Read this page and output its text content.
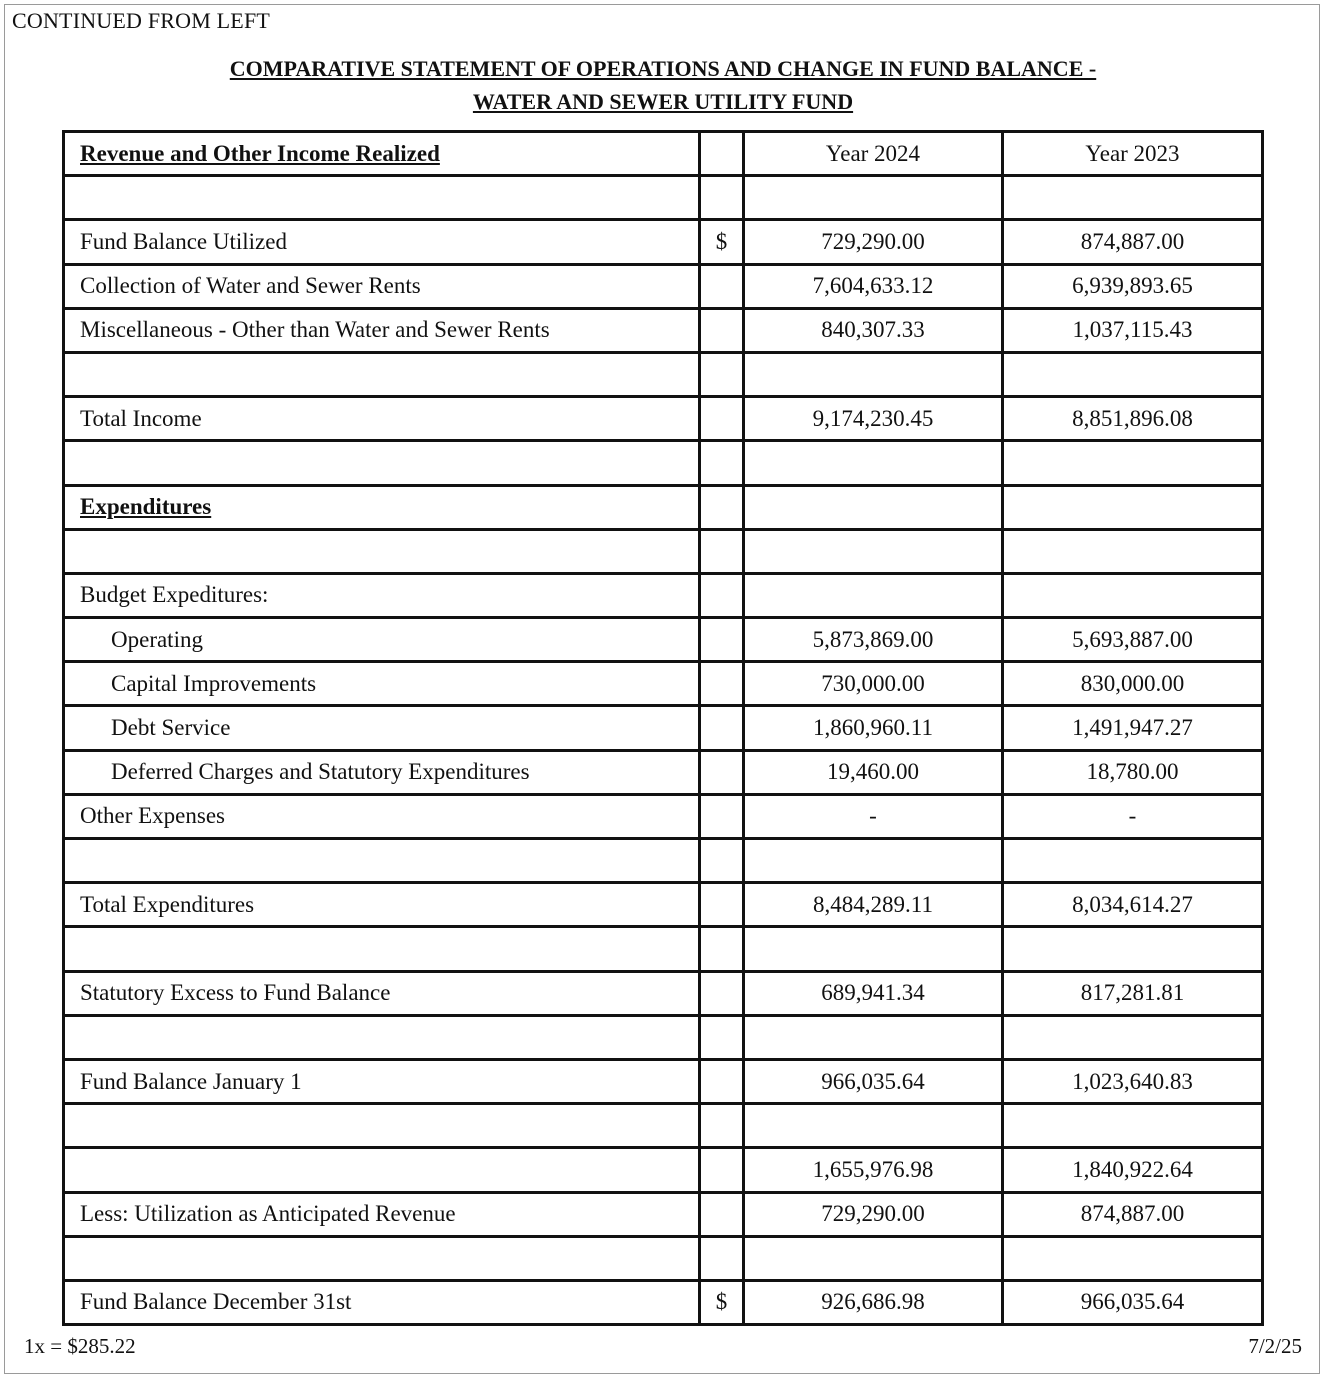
CONTINUED FROM LEFT
COMPARATIVE STATEMENT OF OPERATIONS AND CHANGE IN FUND BALANCE -
WATER AND SEWER UTILITY FUND
Revenue and Other Income Realized		Year 2024	Year 2023

Fund Balance Utilized	$	729,290.00	874,887.00
Collection of Water and Sewer Rents		7,604,633.12	6,939,893.65
Miscellaneous - Other than Water and Sewer Rents		840,307.33	1,037,115.43

Total Income		9,174,230.45	8,851,896.08

Expenditures			

Budget Expeditures:			
Operating		5,873,869.00	5,693,887.00
Capital Improvements		730,000.00	830,000.00
Debt Service		1,860,960.11	1,491,947.27
Deferred Charges and Statutory Expenditures		19,460.00	18,780.00
Other Expenses		-	-

Total Expenditures		8,484,289.11	8,034,614.27

Statutory Excess to Fund Balance		689,941.34	817,281.81

Fund Balance January 1		966,035.64	1,023,640.83

		1,655,976.98	1,840,922.64
Less: Utilization as Anticipated Revenue		729,290.00	874,887.00

Fund Balance December 31st	$	926,686.98	966,035.64
1x = $285.22	7/2/25
